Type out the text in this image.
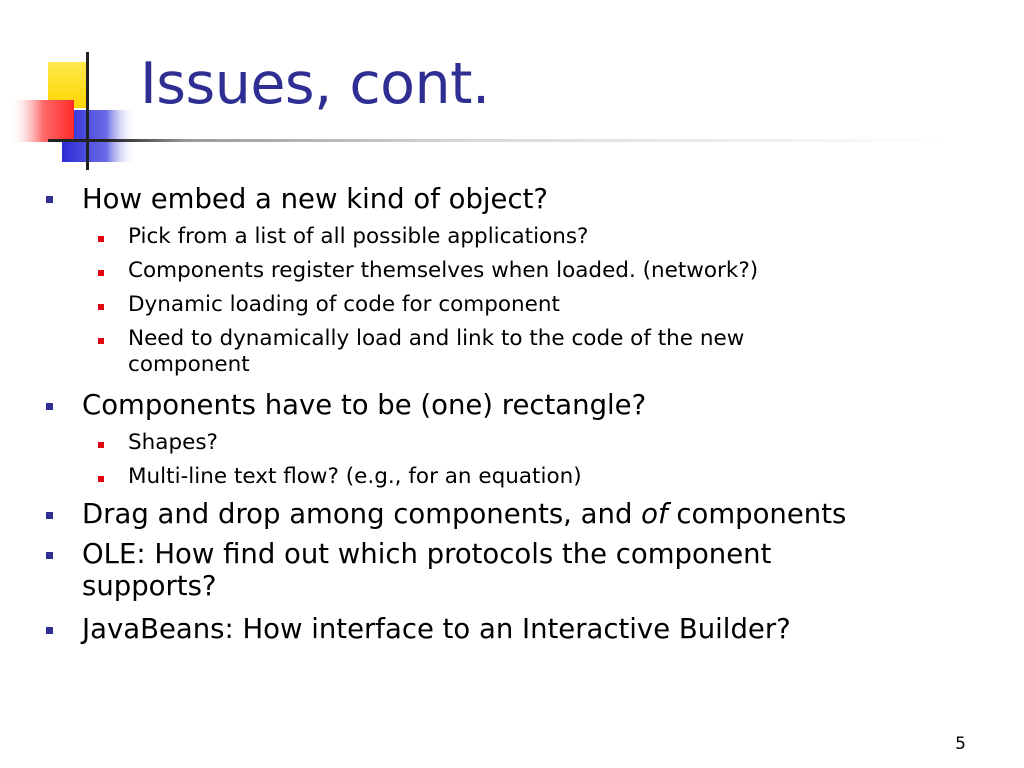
Issues, cont.
How embed a new kind of object?
Pick from a list of all possible applications?
Components register themselves when loaded. (network?)
Dynamic loading of code for component
Need to dynamically load and link to the code of the new
component
Components have to be (one) rectangle?
Shapes?
Multi-line text flow? (e.g., for an equation)
Drag and drop among components, and of components
OLE: How find out which protocols the component
supports?
JavaBeans: How interface to an Interactive Builder?
5
